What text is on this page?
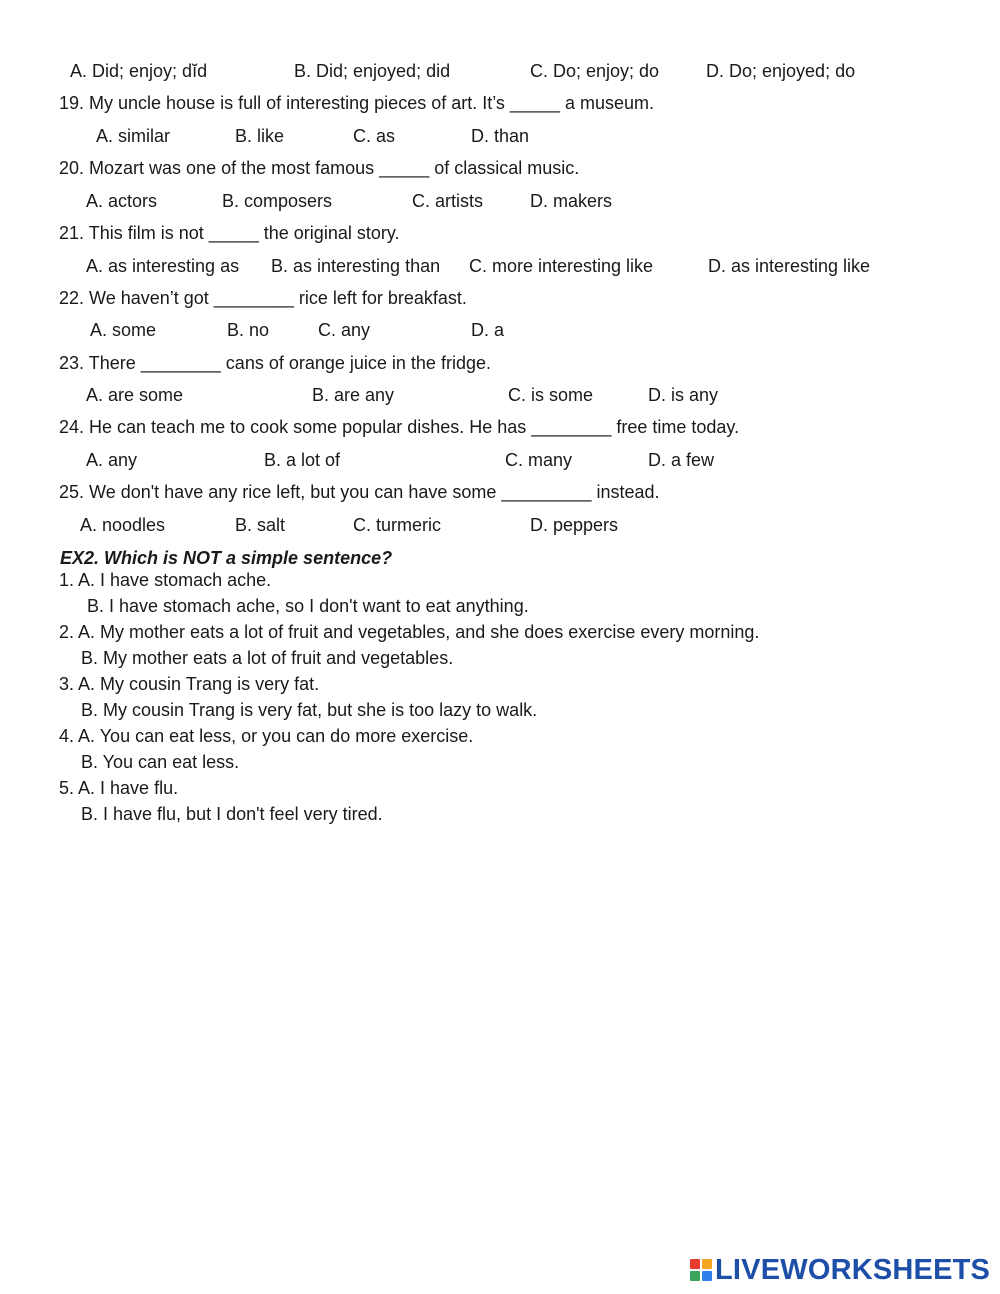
A. Did; enjoy; dĭd	B. Did; enjoyed; did	C. Do; enjoy; do	D. Do; enjoyed; do
19. My uncle house is full of interesting pieces of art. It’s _____ a museum.
A. similar	B. like	C. as	D. than
20. Mozart was one of the most famous _____ of classical music.
A. actors	B. composers	C. artists	D. makers
21. This film is not _____ the original story.
A. as interesting as B. as interesting than C. more interesting like	D. as interesting like
22. We haven’t got ________ rice left for breakfast.
A. some	B. no	C. any	D. a
23. There ________ cans of orange juice in the fridge.
A. are some	B. are any	C. is some	D. is any
24. He can teach me to cook some popular dishes. He has ________ free time today.
A. any	B. a lot of	C. many	D. a few
25. We don't have any rice left, but you can have some _________ instead.
A. noodles	B. salt	C. turmeric	D. peppers
EX2. Which is NOT a simple sentence?
1. A. I have stomach ache.
B. I have stomach ache, so I don't want to eat anything.
2. A. My mother eats a lot of fruit and vegetables, and she does exercise every morning.
B. My mother eats a lot of fruit and vegetables.
3. A. My cousin Trang is very fat.
B. My cousin Trang is very fat, but she is too lazy to walk.
4. A. You can eat less, or you can do more exercise.
B. You can eat less.
5. A. I have flu.
B. I have flu, but I don't feel very tired.
LIVEWORKSHEETS
